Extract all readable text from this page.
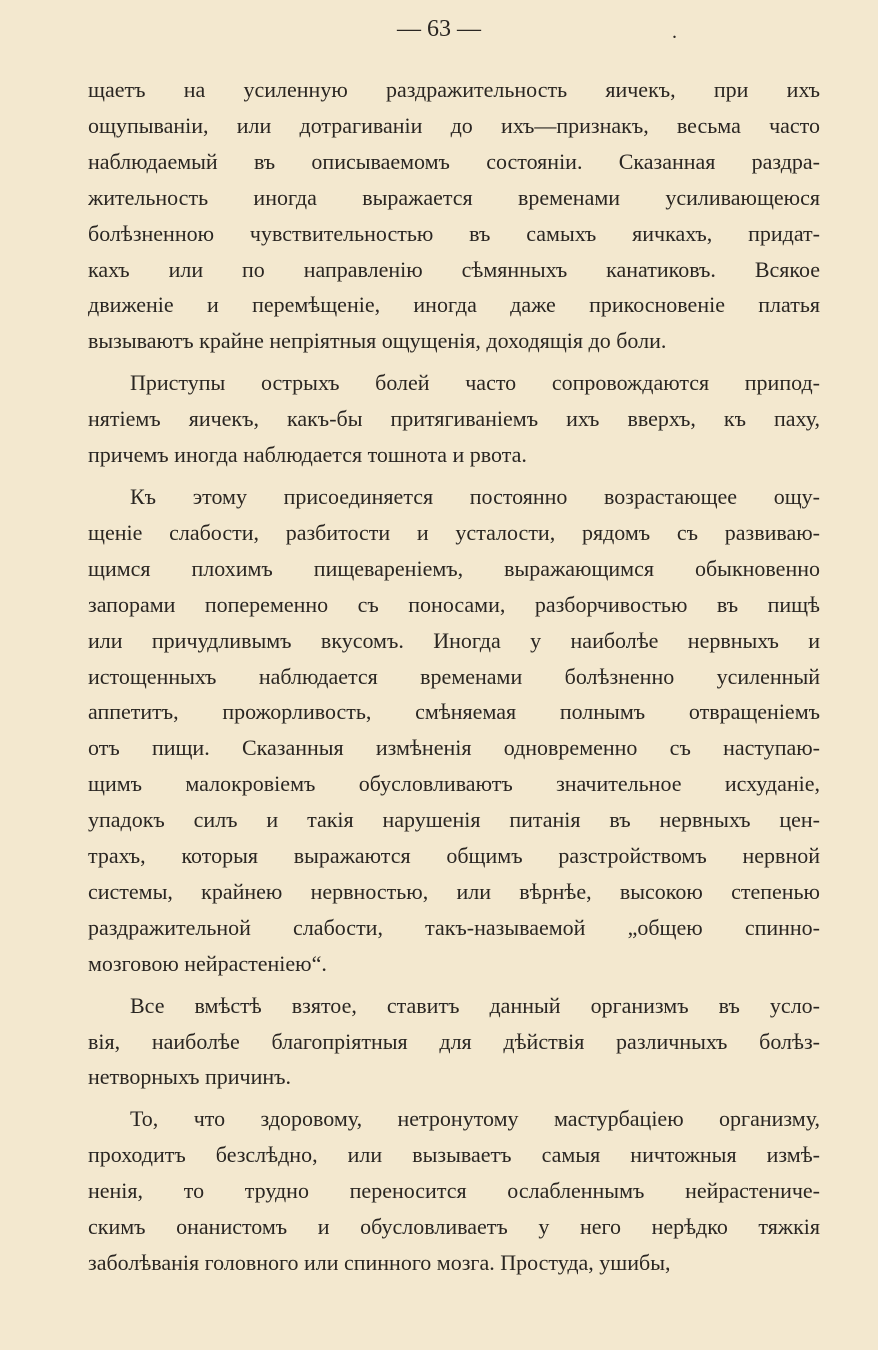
— 63 —	.
щаетъ на усиленную раздражительность яичекъ, при ихъ
ощупываніи, или дотрагиваніи до ихъ—признакъ, весьма часто
наблюдаемый въ описываемомъ состояніи. Сказанная раздра-
жительность иногда выражается временами усиливающеюся
болѣзненною чувствительностью въ самыхъ яичкахъ, придат-
кахъ или по направленію сѣмянныхъ канатиковъ. Всякое
движеніе и перемѣщеніе, иногда даже прикосновеніе платья
вызываютъ крайне непріятныя ощущенія, доходящія до боли.
Приступы острыхъ болей часто сопровождаются припод-
нятіемъ яичекъ, какъ-бы притягиваніемъ ихъ вверхъ, къ паху,
причемъ иногда наблюдается тошнота и рвота.
Къ этому присоединяется постоянно возрастающее ощу-
щеніе слабости, разбитости и усталости, рядомъ съ развиваю-
щимся плохимъ пищевареніемъ, выражающимся обыкновенно
запорами попеременно съ поносами, разборчивостью въ пищѣ
или причудливымъ вкусомъ. Иногда у наиболѣе нервныхъ и
истощенныхъ наблюдается временами болѣзненно усиленный
аппетитъ, прожорливость, смѣняемая полнымъ отвращеніемъ
отъ пищи. Сказанныя измѣненія одновременно съ наступаю-
щимъ малокровіемъ обусловливаютъ значительное исхуданіе,
упадокъ силъ и такія нарушенія питанія въ нервныхъ цен-
трахъ, которыя выражаются общимъ разстройствомъ нервной
системы, крайнею нервностью, или вѣрнѣе, высокою степенью
раздражительной слабости, такъ-называемой „общею спинно-
мозговою нейрастеніею“.
Все вмѣстѣ взятое, ставитъ данный организмъ въ усло-
вія, наиболѣе благопріятныя для дѣйствія различныхъ болѣз-
нетворныхъ причинъ.
То, что здоровому, нетронутому мастурбаціею организму,
проходитъ безслѣдно, или вызываетъ самыя ничтожныя измѣ-
ненія, то трудно переносится ослабленнымъ нейрастениче-
скимъ онанистомъ и обусловливаетъ у него нерѣдко тяжкія
заболѣванія головного или спинного мозга. Простуда, ушибы,
